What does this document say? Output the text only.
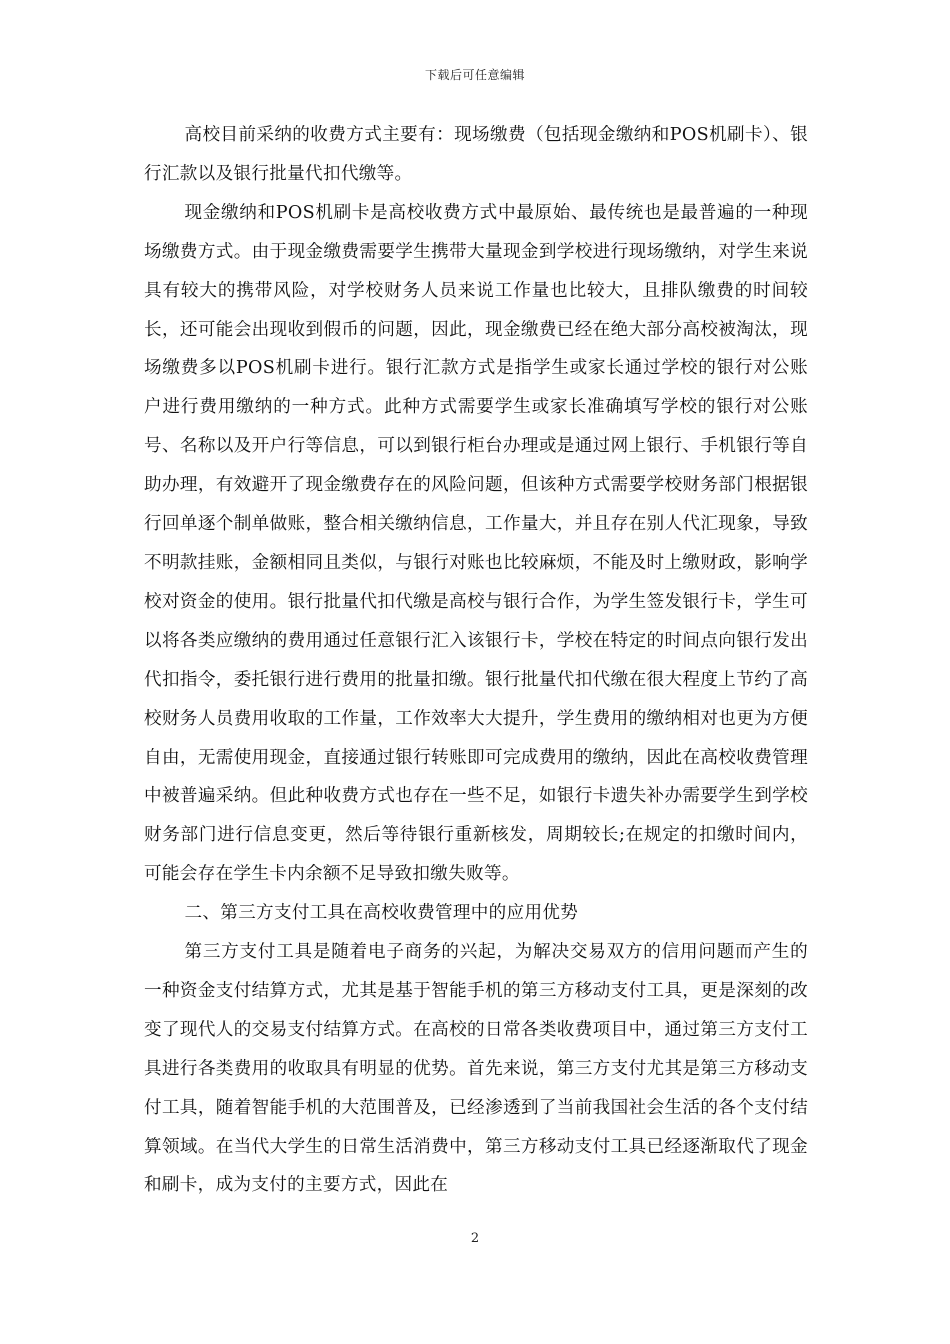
下载后可任意编辑

高校目前采纳的收费方式主要有：现场缴费（包括现金缴纳和POS机刷卡）、银行汇款以及银行批量代扣代缴等。

现金缴纳和POS机刷卡是高校收费方式中最原始、最传统也是最普遍的一种现场缴费方式。由于现金缴费需要学生携带大量现金到学校进行现场缴纳，对学生来说具有较大的携带风险，对学校财务人员来说工作量也比较大，且排队缴费的时间较长，还可能会出现收到假币的问题，因此，现金缴费已经在绝大部分高校被淘汰，现场缴费多以POS机刷卡进行。银行汇款方式是指学生或家长通过学校的银行对公账户进行费用缴纳的一种方式。此种方式需要学生或家长准确填写学校的银行对公账号、名称以及开户行等信息，可以到银行柜台办理或是通过网上银行、手机银行等自助办理，有效避开了现金缴费存在的风险问题，但该种方式需要学校财务部门根据银行回单逐个制单做账，整合相关缴纳信息，工作量大，并且存在别人代汇现象，导致不明款挂账，金额相同且类似，与银行对账也比较麻烦，不能及时上缴财政，影响学校对资金的使用。银行批量代扣代缴是高校与银行合作，为学生签发银行卡，学生可以将各类应缴纳的费用通过任意银行汇入该银行卡，学校在特定的时间点向银行发出代扣指令，委托银行进行费用的批量扣缴。银行批量代扣代缴在很大程度上节约了高校财务人员费用收取的工作量，工作效率大大提升，学生费用的缴纳相对也更为方便自由，无需使用现金，直接通过银行转账即可完成费用的缴纳，因此在高校收费管理中被普遍采纳。但此种收费方式也存在一些不足，如银行卡遗失补办需要学生到学校财务部门进行信息变更，然后等待银行重新核发，周期较长;在规定的扣缴时间内，可能会存在学生卡内余额不足导致扣缴失败等。

二、第三方支付工具在高校收费管理中的应用优势

第三方支付工具是随着电子商务的兴起，为解决交易双方的信用问题而产生的一种资金支付结算方式，尤其是基于智能手机的第三方移动支付工具，更是深刻的改变了现代人的交易支付结算方式。在高校的日常各类收费项目中，通过第三方支付工具进行各类费用的收取具有明显的优势。首先来说，第三方支付尤其是第三方移动支付工具，随着智能手机的大范围普及，已经渗透到了当前我国社会生活的各个支付结算领域。在当代大学生的日常生活消费中，第三方移动支付工具已经逐渐取代了现金和刷卡，成为支付的主要方式，因此在

2
